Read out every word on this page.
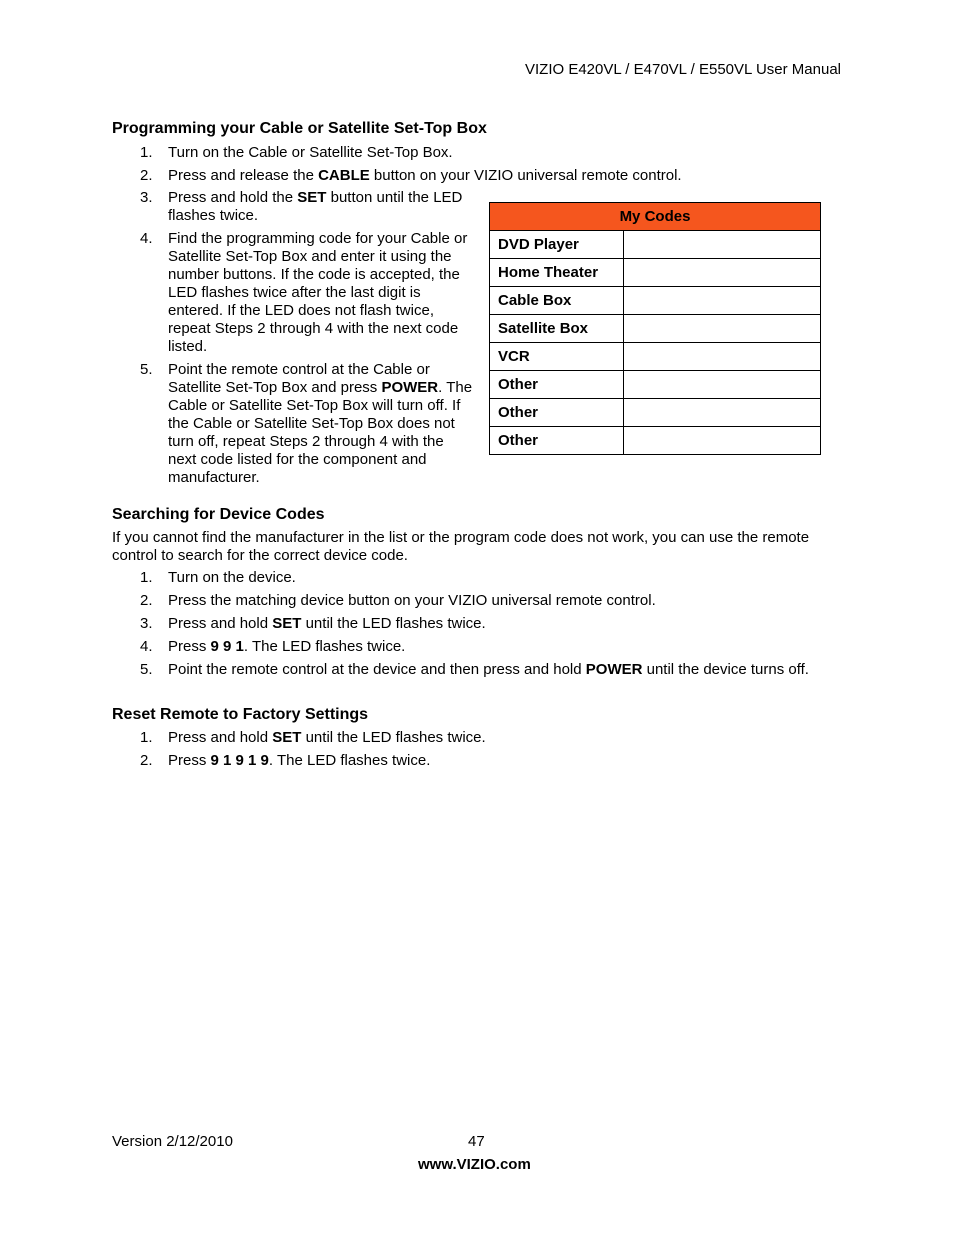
VIZIO E420VL / E470VL / E550VL User Manual
Programming your Cable or Satellite Set-Top Box
1.	Turn on the Cable or Satellite Set-Top Box.
2.	Press and release the CABLE button on your VIZIO universal remote control.
3.	Press and hold the SET button until the LED flashes twice.
4.	Find the programming code for your Cable or Satellite Set-Top Box and enter it using the number buttons. If the code is accepted, the LED flashes twice after the last digit is entered. If the LED does not flash twice, repeat Steps 2 through 4 with the next code listed.
5.	Point the remote control at the Cable or Satellite Set-Top Box and press POWER. The Cable or Satellite Set-Top Box will turn off. If the Cable or Satellite Set-Top Box does not turn off, repeat Steps 2 through 4 with the next code listed for the component and manufacturer.
My Codes	
DVD Player	
Home Theater	
Cable Box	
Satellite Box	
VCR	
Other	
Other	
Other	
Searching for Device Codes
If you cannot find the manufacturer in the list or the program code does not work, you can use the remote control to search for the correct device code.
1.	Turn on the device.
2.	Press the matching device button on your VIZIO universal remote control.
3.	Press and hold SET until the LED flashes twice.
4.	Press 9 9 1. The LED flashes twice.
5.	Point the remote control at the device and then press and hold POWER until the device turns off.
Reset Remote to Factory Settings
1.	Press and hold SET until the LED flashes twice.
2.	Press 9 1 9 1 9. The LED flashes twice.
Version 2/12/2010	47
www.VIZIO.com
